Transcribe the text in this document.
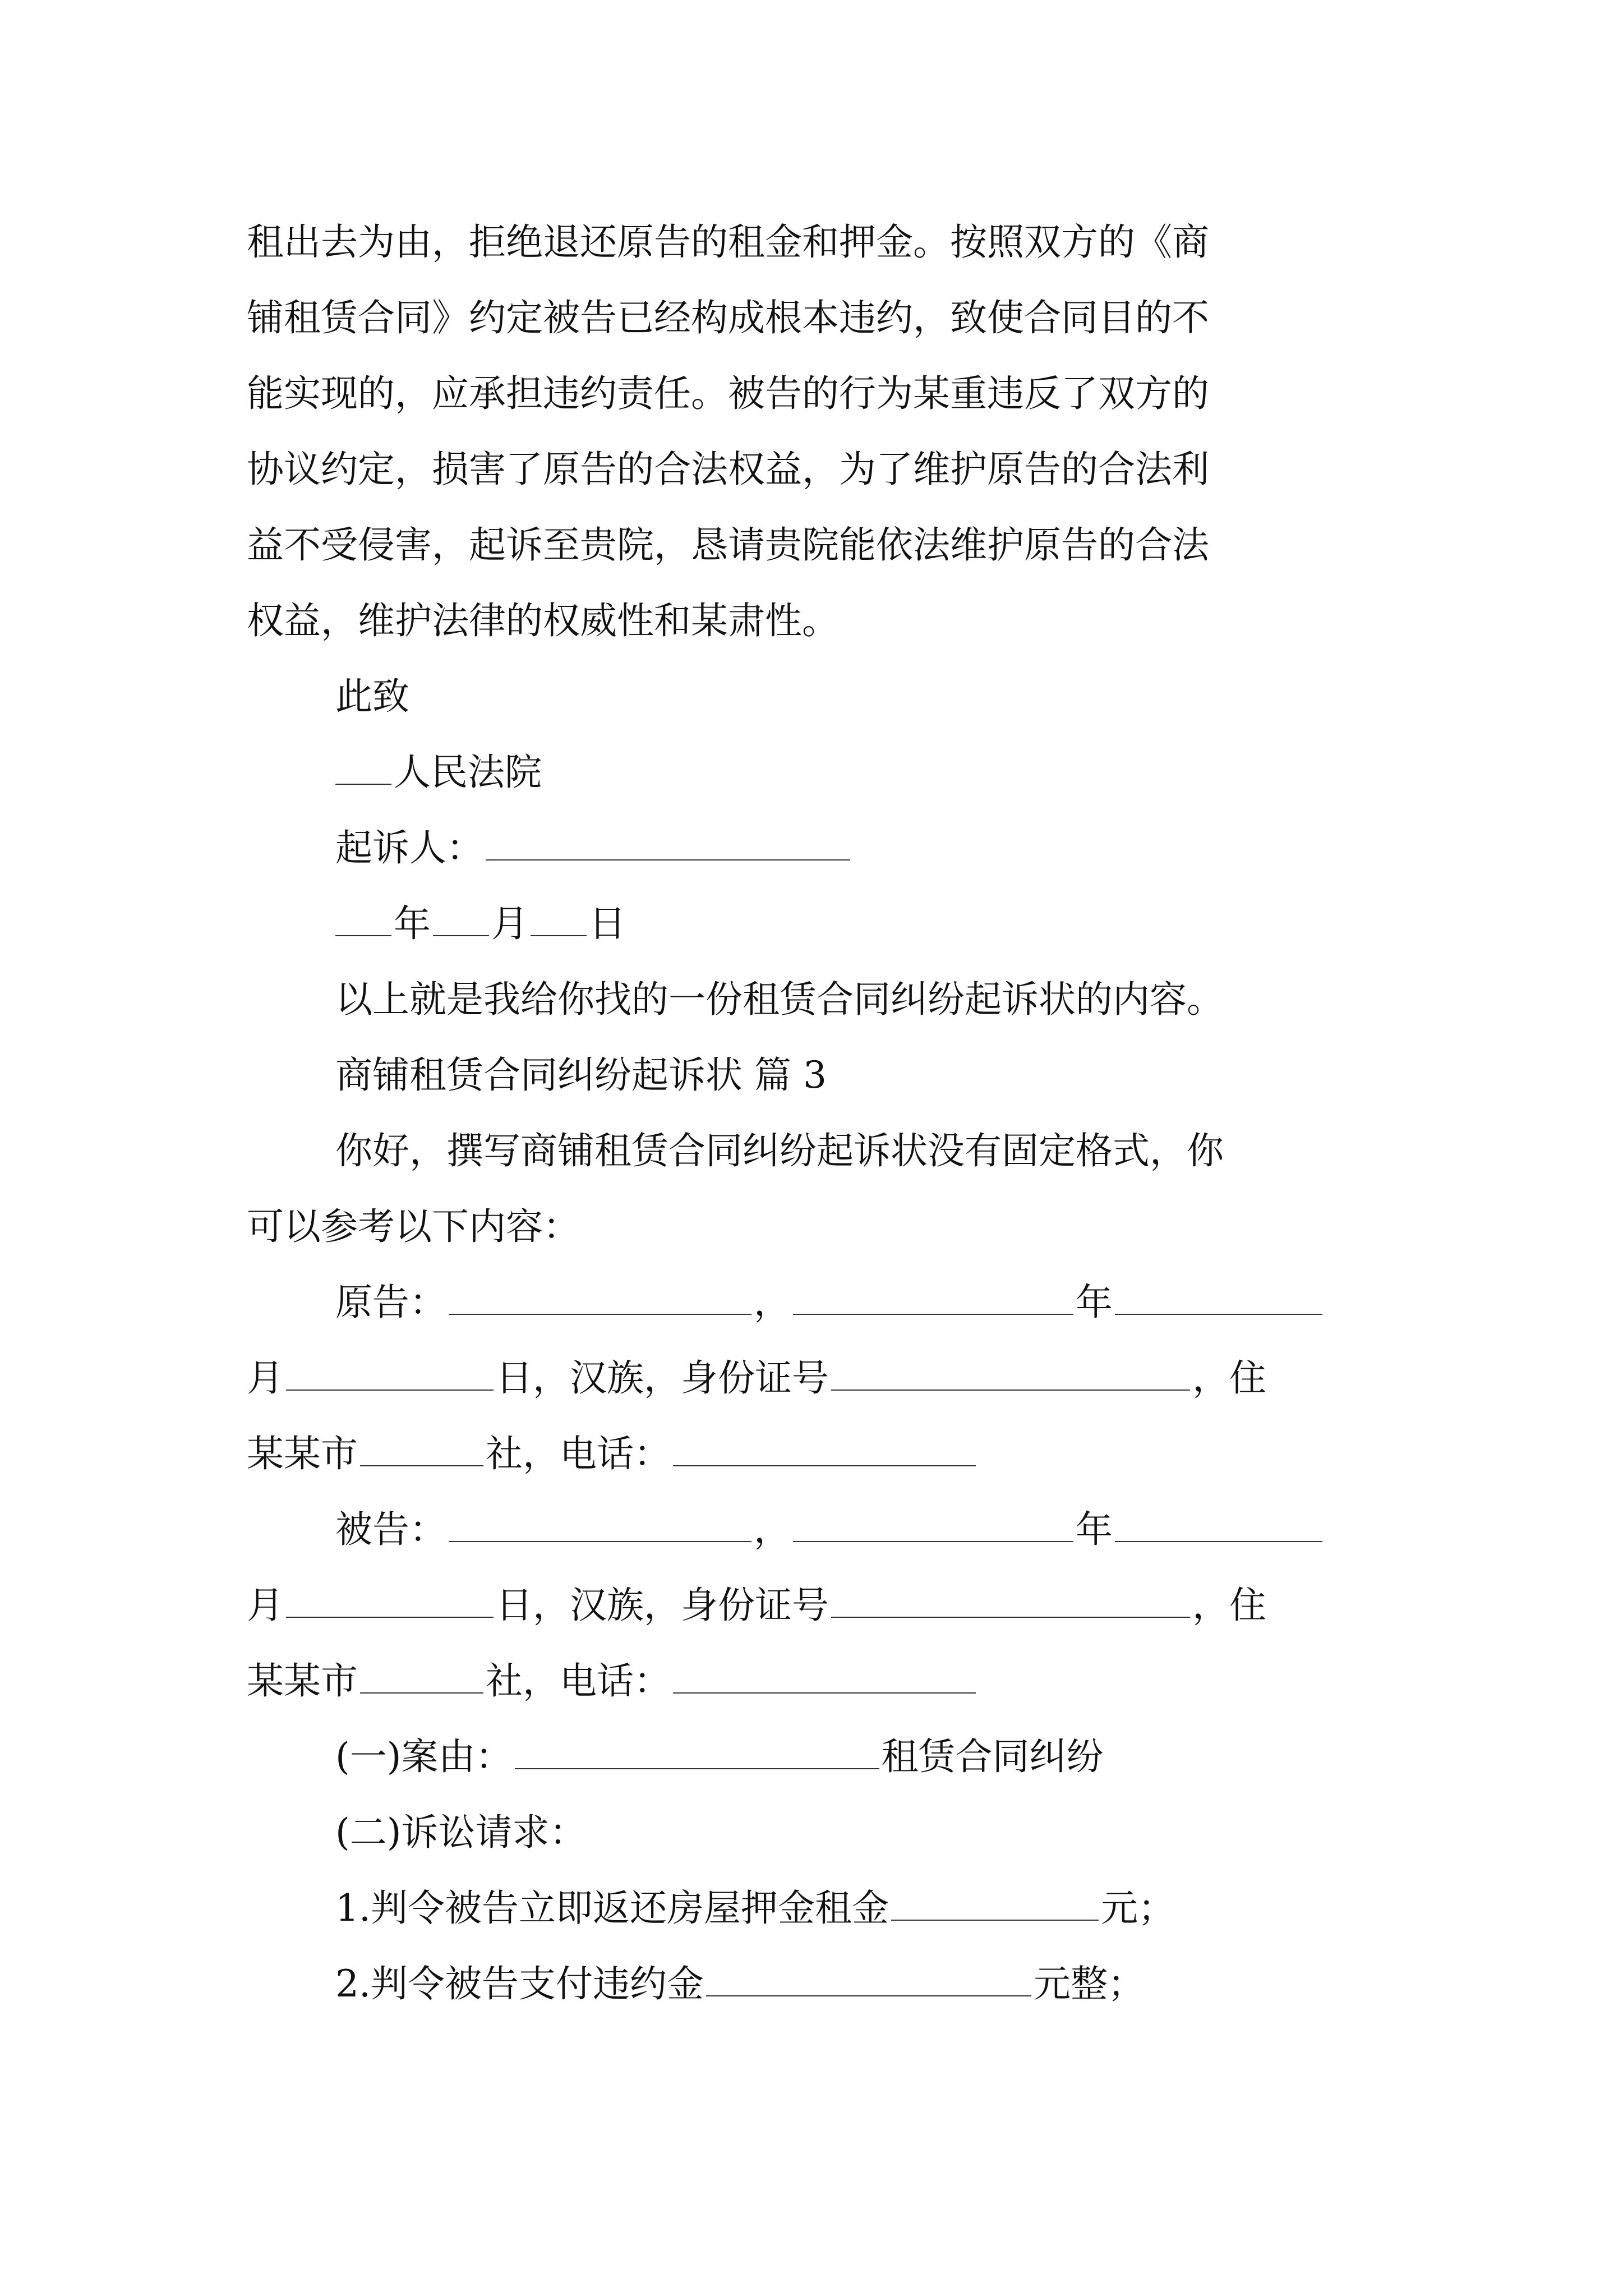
租出去为由，拒绝退还原告的租金和押金。按照双方的《商
铺租赁合同》约定被告已经构成根本违约，致使合同目的不
能实现的，应承担违约责任。被告的行为某重违反了双方的
协议约定，损害了原告的合法权益，为了维护原告的合法利
益不受侵害，起诉至贵院，恳请贵院能依法维护原告的合法
权益，维护法律的权威性和某肃性。
此致
人民法院
起诉人：
年 月 日
以上就是我给你找的一份租赁合同纠纷起诉状的内容。
商铺租赁合同纠纷起诉状 篇 3
你好，撰写商铺租赁合同纠纷起诉状没有固定格式，你
可以参考以下内容：
原告：	，	年
月	日，汉族，身份证号	，住
某某市	社，电话：
被告：	，	年
月	日，汉族，身份证号	，住
某某市	社，电话：
(一)案由：	租赁合同纠纷
(二)诉讼请求：
1.判令被告立即返还房屋押金租金	元；
2.判令被告支付违约金	元整；
